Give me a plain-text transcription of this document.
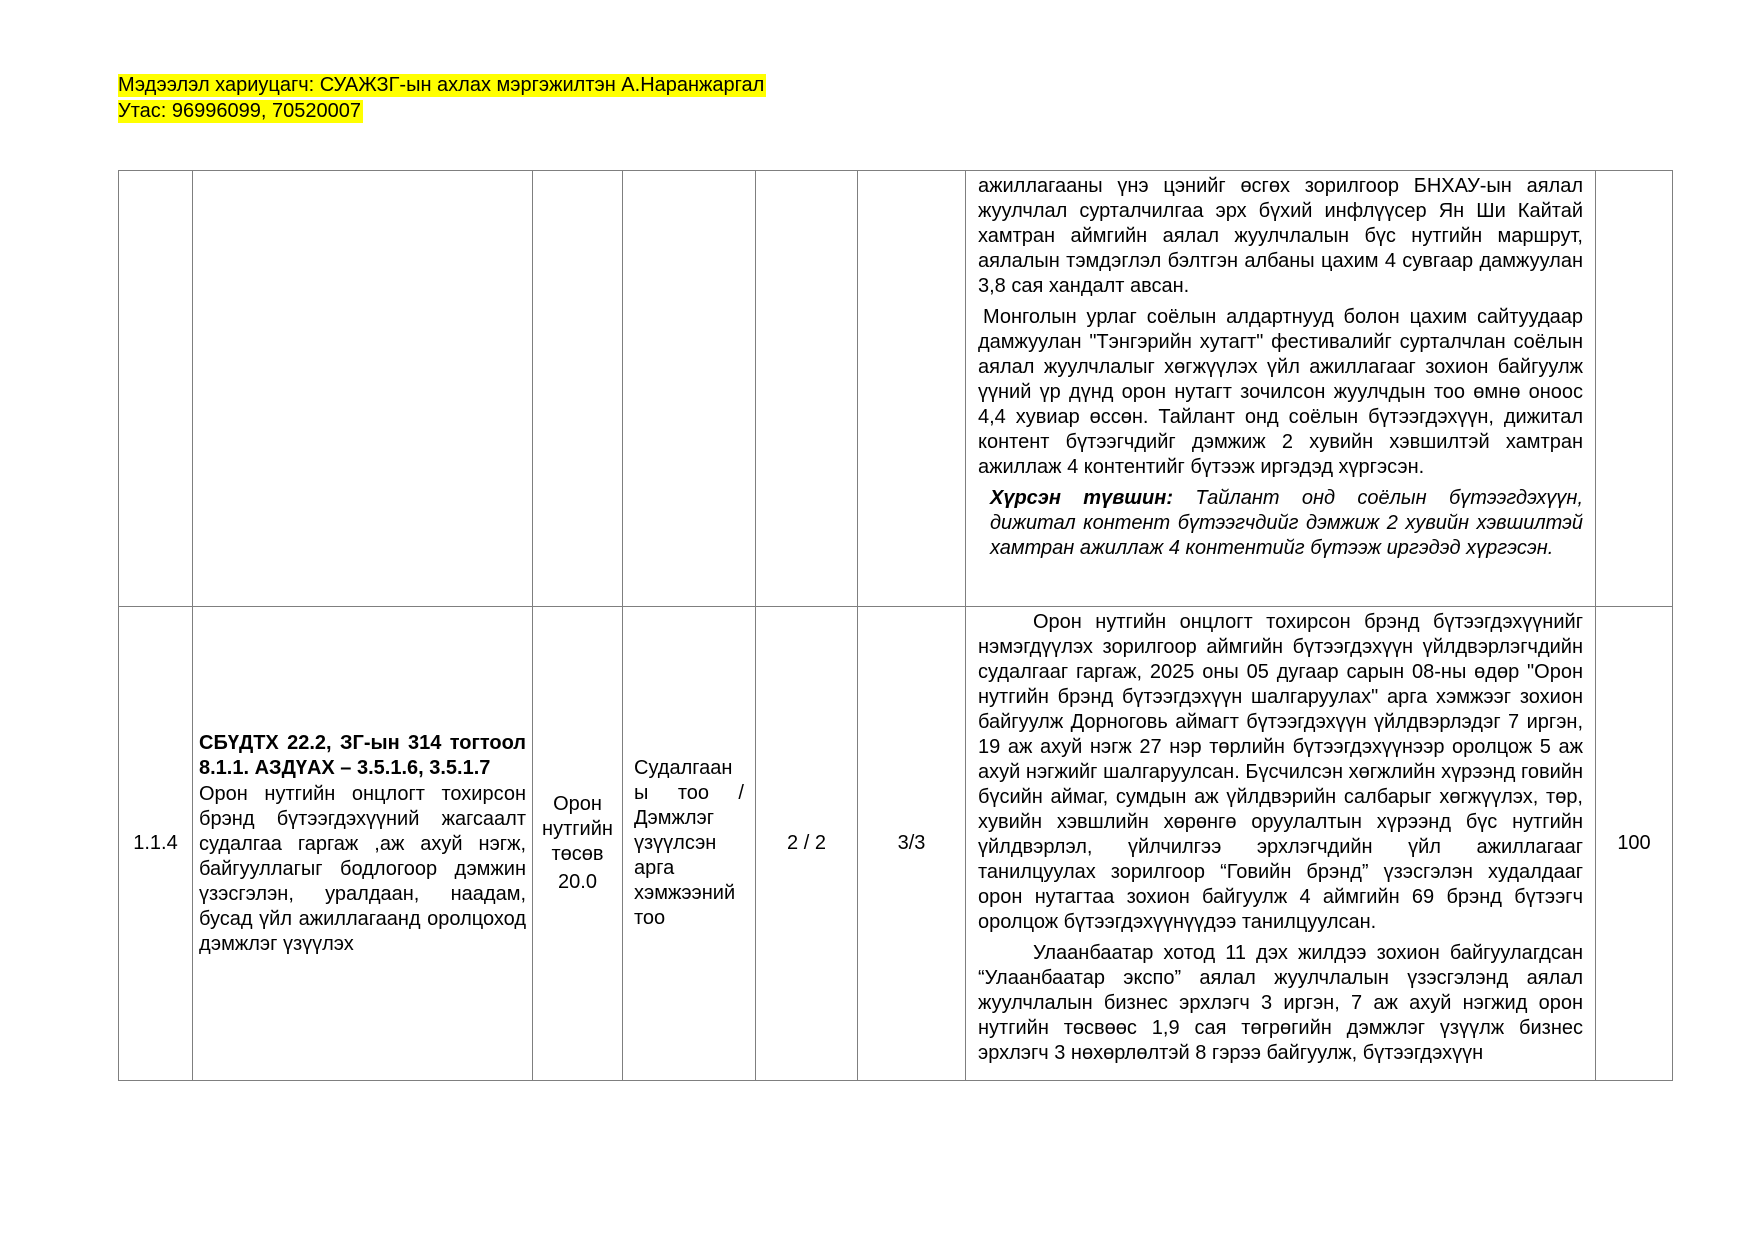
Мэдээлэл хариуцагч: СУАЖЗГ-ын ахлах мэргэжилтэн А.Наранжаргал
Утас: 96996099, 70520007

ажиллагааны үнэ цэнийг өсгөх зорилгоор БНХАУ-ын аялал жуулчлал сурталчилгаа эрх бүхий инфлүүсер Ян Ши Кайтай хамтран аймгийн аялал жуулчлалын бүс нутгийн маршрут, аялалын тэмдэглэл бэлтгэн албаны цахим 4 сувгаар дамжуулан 3,8 сая хандалт авсан.

Монголын урлаг соёлын алдартнууд болон цахим сайтуудаар дамжуулан "Тэнгэрийн хутагт" фестивалийг сурталчлан соёлын аялал жуулчлалыг хөгжүүлэх үйл ажиллагааг зохион байгуулж үүний үр дүнд орон нутагт зочилсон жуулчдын тоо өмнө оноос 4,4 хувиар өссөн. Тайлант онд соёлын бүтээгдэхүүн, дижитал контент бүтээгчдийг дэмжиж 2 хувийн хэвшилтэй хамтран ажиллаж 4 контентийг бүтээж иргэдэд хүргэсэн.

Хүрсэн түвшин: Тайлант онд соёлын бүтээгдэхүүн, дижитал контент бүтээгчдийг дэмжиж 2 хувийн хэвшилтэй хамтран ажиллаж 4 контентийг бүтээж иргэдэд хүргэсэн.

1.1.4
СБҮДТХ 22.2, ЗГ-ын 314 тогтоол 8.1.1. АЗДҮАХ – 3.5.1.6, 3.5.1.7
Орон нутгийн онцлогт тохирсон брэнд бүтээгдэхүүний жагсаалт судалгаа гаргаж ,аж ахуй нэгж, байгууллагыг бодлогоор дэмжин үзэсгэлэн, уралдаан, наадам, бусад үйл ажиллагаанд оролцоход дэмжлэг үзүүлэх
Орон нутгийн төсөв
20.0
Судалгааны тоо / Дэмжлэг үзүүлсэн арга хэмжээний тоо
2 / 2	3/3

Орон нутгийн онцлогт тохирсон брэнд бүтээгдэхүүнийг нэмэгдүүлэх зорилгоор аймгийн бүтээгдэхүүн үйлдвэрлэгчдийн судалгааг гаргаж, 2025 оны 05 дугаар сарын 08-ны өдөр "Орон нутгийн брэнд бүтээгдэхүүн шалгаруулах" арга хэмжээг зохион байгуулж Дорноговь аймагт бүтээгдэхүүн үйлдвэрлэдэг 7 иргэн, 19 аж ахуй нэгж 27 нэр төрлийн бүтээгдэхүүнээр оролцож 5 аж ахуй нэгжийг шалгаруулсан. Бүсчилсэн хөгжлийн хүрээнд говийн бүсийн аймаг, сумдын аж үйлдвэрийн салбарыг хөгжүүлэх, төр, хувийн хэвшлийн хөрөнгө оруулалтын хүрээнд бүс нутгийн үйлдвэрлэл, үйлчилгээ эрхлэгчдийн үйл ажиллагааг танилцуулах зорилгоор “Говийн брэнд” үзэсгэлэн худалдааг орон нутагтаа зохион байгуулж 4 аймгийн 69 брэнд бүтээгч оролцож бүтээгдэхүүнүүдээ танилцуулсан.

Улаанбаатар хотод 11 дэх жилдээ зохион байгуулагдсан “Улаанбаатар экспо” аялал жуулчлалын үзэсгэлэнд аялал жуулчлалын бизнес эрхлэгч 3 иргэн, 7 аж ахуй нэгжид орон нутгийн төсвөөс 1,9 сая төгрөгийн дэмжлэг үзүүлж бизнес эрхлэгч 3 нөхөрлөлтэй 8 гэрээ байгуулж, бүтээгдэхүүн

100
